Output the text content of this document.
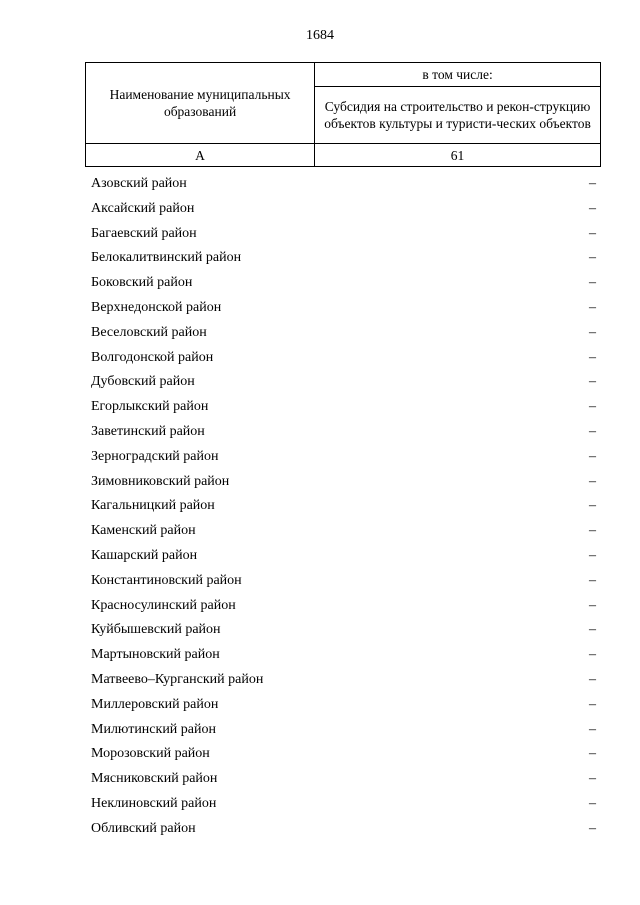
1684
Наименование муниципальных образований	в том числе:
	Субсидия на строительство и рекон-струкцию объектов культуры и туристи-ческих объектов
А	61
Азовский район	–
Аксайский район	–
Багаевский район	–
Белокалитвинский район	–
Боковский район	–
Верхнедонской район	–
Веселовский район	–
Волгодонской район	–
Дубовский район	–
Егорлыкский район	–
Заветинский район	–
Зерноградский район	–
Зимовниковский район	–
Кагальницкий район	–
Каменский район	–
Кашарский район	–
Константиновский район	–
Красносулинский район	–
Куйбышевский район	–
Мартыновский район	–
Матвеево–Курганский район	–
Миллеровский район	–
Милютинский район	–
Морозовский район	–
Мясниковский район	–
Неклиновский район	–
Обливский район	–
